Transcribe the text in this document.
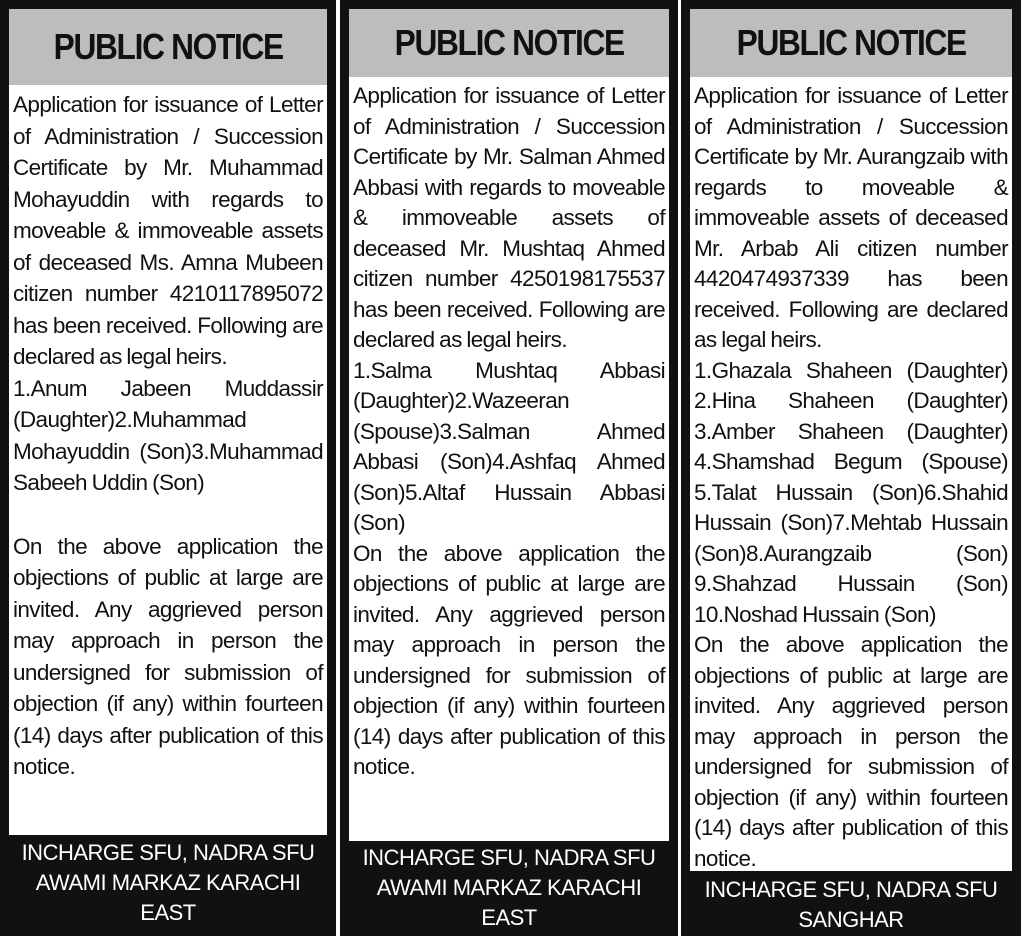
PUBLIC NOTICE

Application for issuance of Letter of Administration / Succession Certificate by Mr. Muhammad Mohayuddin with regards to moveable & immoveable assets of deceased Ms. Amna Mubeen citizen number 4210117895072 has been received. Following are declared as legal heirs.

1.Anum Jabeen Muddassir (Daughter)2.Muhammad Mohayuddin (Son)3.Muhammad Sabeeh Uddin (Son)

On the above application the objections of public at large are invited. Any aggrieved person may approach in person the undersigned for submission of objection (if any) within fourteen (14) days after publication of this notice.

INCHARGE SFU, NADRA SFU
AWAMI MARKAZ KARACHI
EAST
PUBLIC NOTICE

Application for issuance of Letter of Administration / Succession Certificate by Mr. Salman Ahmed Abbasi with regards to moveable & immoveable assets of deceased Mr. Mushtaq Ahmed citizen number 4250198175537 has been received. Following are declared as legal heirs.

1.Salma Mushtaq Abbasi (Daughter)2.Wazeeran (Spouse)3.Salman Ahmed Abbasi (Son)4.Ashfaq Ahmed (Son)5.Altaf Hussain Abbasi (Son)

On the above application the objections of public at large are invited. Any aggrieved person may approach in person the undersigned for submission of objection (if any) within fourteen (14) days after publication of this notice.

INCHARGE SFU, NADRA SFU
AWAMI MARKAZ KARACHI
EAST
PUBLIC NOTICE

Application for issuance of Letter of Administration / Succession Certificate by Mr. Aurangzaib with regards to moveable & immoveable assets of deceased Mr. Arbab Ali citizen number 4420474937339 has been received. Following are declared as legal heirs.

1.Ghazala Shaheen (Daughter) 2.Hina Shaheen (Daughter) 3.Amber Shaheen (Daughter) 4.Shamshad Begum (Spouse) 5.Talat Hussain (Son)6.Shahid Hussain (Son)7.Mehtab Hussain (Son)8.Aurangzaib (Son) 9.Shahzad Hussain (Son) 10.Noshad Hussain (Son)

On the above application the objections of public at large are invited. Any aggrieved person may approach in person the undersigned for submission of objection (if any) within fourteen (14) days after publication of this notice.

INCHARGE SFU, NADRA SFU
SANGHAR
